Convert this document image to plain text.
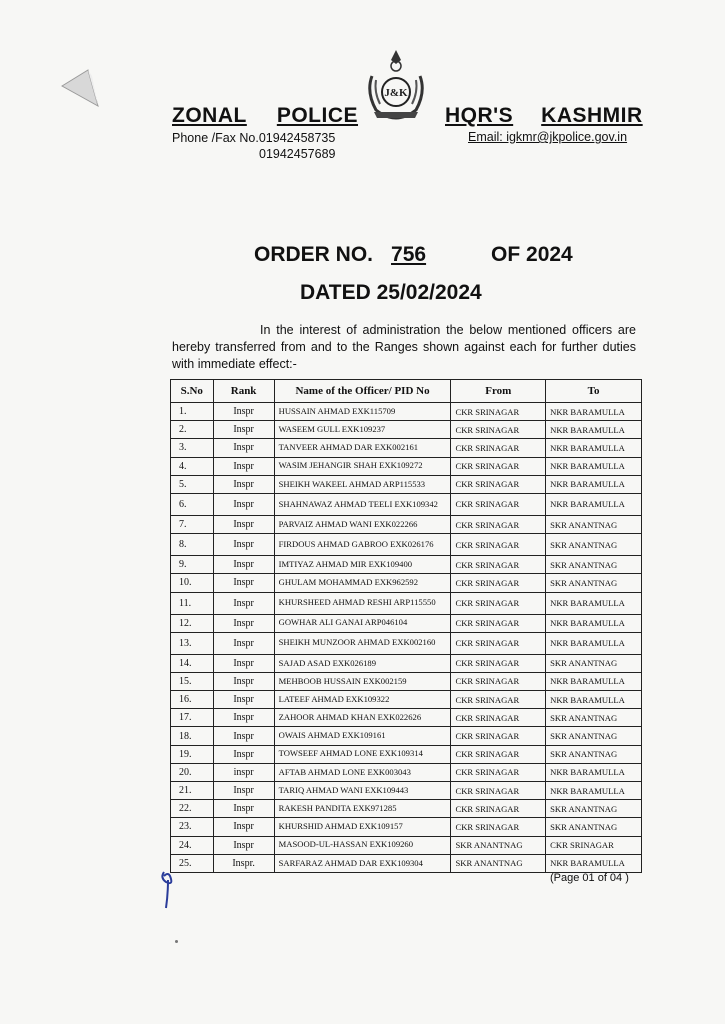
J&K
ZONAL POLICE	HQR'S KASHMIR
Phone /Fax No.01942458735
01942457689
Email: igkmr@jkpolice.gov.in
ORDER NO. 756	OF 2024
DATED 25/02/2024
In the interest of administration the below mentioned officers are hereby transferred from and to the Ranges shown against each for further duties with immediate effect:-
S.No	Rank	Name of the Officer/ PID No	From	To
1.	Inspr	HUSSAIN AHMAD EXK115709	CKR SRINAGAR	NKR BARAMULLA
2.	Inspr	WASEEM GULL EXK109237	CKR SRINAGAR	NKR BARAMULLA
3.	Inspr	TANVEER AHMAD DAR EXK002161	CKR SRINAGAR	NKR BARAMULLA
4.	Inspr	WASIM JEHANGIR SHAH EXK109272	CKR SRINAGAR	NKR BARAMULLA
5.	Inspr	SHEIKH WAKEEL AHMAD ARP115533	CKR SRINAGAR	NKR BARAMULLA
6.	Inspr	SHAHNAWAZ AHMAD TEELI EXK109342	CKR SRINAGAR	NKR BARAMULLA
7.	Inspr	PARVAIZ AHMAD WANI EXK022266	CKR SRINAGAR	SKR ANANTNAG
8.	Inspr	FIRDOUS AHMAD GABROO EXK026176	CKR SRINAGAR	SKR ANANTNAG
9.	Inspr	IMTIYAZ AHMAD MIR EXK109400	CKR SRINAGAR	SKR ANANTNAG
10.	Inspr	GHULAM MOHAMMAD EXK962592	CKR SRINAGAR	SKR ANANTNAG
11.	Inspr	KHURSHEED AHMAD RESHI ARP115550	CKR SRINAGAR	NKR BARAMULLA
12.	Inspr	GOWHAR ALI GANAI ARP046104	CKR SRINAGAR	NKR BARAMULLA
13.	Inspr	SHEIKH MUNZOOR AHMAD EXK002160	CKR SRINAGAR	NKR BARAMULLA
14.	Inspr	SAJAD ASAD EXK026189	CKR SRINAGAR	SKR ANANTNAG
15.	Inspr	MEHBOOB HUSSAIN EXK002159	CKR SRINAGAR	NKR BARAMULLA
16.	Inspr	LATEEF AHMAD EXK109322	CKR SRINAGAR	NKR BARAMULLA
17.	Inspr	ZAHOOR AHMAD KHAN EXK022626	CKR SRINAGAR	SKR ANANTNAG
18.	Inspr	OWAIS AHMAD EXK109161	CKR SRINAGAR	SKR ANANTNAG
19.	Inspr	TOWSEEF AHMAD LONE EXK109314	CKR SRINAGAR	SKR ANANTNAG
20.	inspr	AFTAB AHMAD LONE EXK003043	CKR SRINAGAR	NKR BARAMULLA
21.	Inspr	TARIQ AHMAD WANI EXK109443	CKR SRINAGAR	NKR BARAMULLA
22.	Inspr	RAKESH PANDITA EXK971285	CKR SRINAGAR	SKR ANANTNAG
23.	Inspr	KHURSHID AHMAD EXK109157	CKR SRINAGAR	SKR ANANTNAG
24.	Inspr	MASOOD-UL-HASSAN EXK109260	SKR ANANTNAG	CKR SRINAGAR
25.	Inspr.	SARFARAZ AHMAD DAR EXK109304	SKR ANANTNAG	NKR BARAMULLA
(Page 01 of 04 )
